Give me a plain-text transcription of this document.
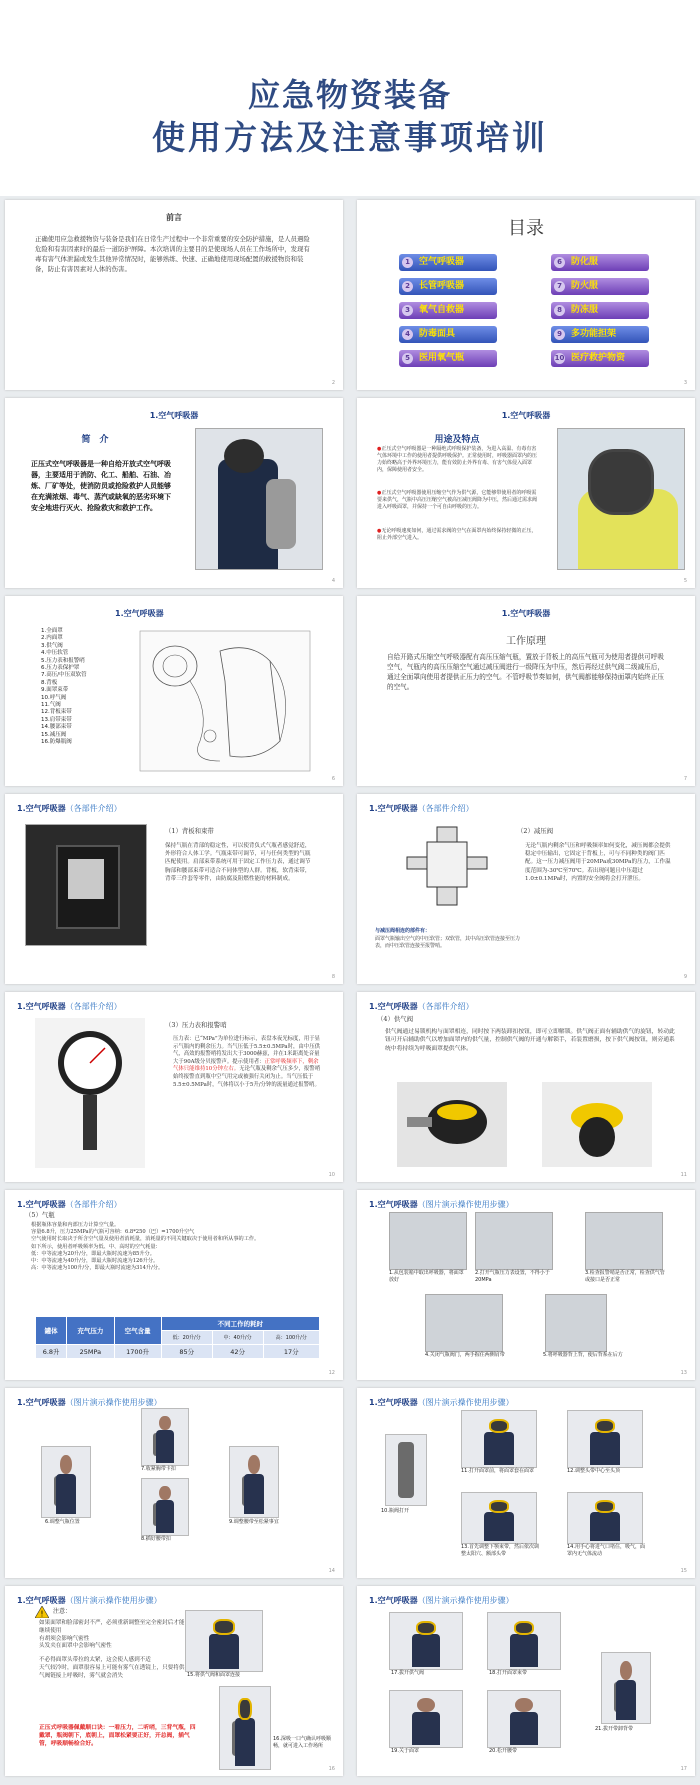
应急物资装备
使用方法及注意事项培训
前言
正确使用应急救援物资与装备是我们在日常生产过程中一个非常重要的安全防护措施，是人员遇险危险和有害因素时的最后一道防护屏障。本次培训的主要目的是使现场人员在工作场所中，发现有毒有害气体泄漏或发生其他异常情况时，能够熟练、快速、正确地使用现场配置的救援物资和装备，防止有害因素对人体的伤害。
2
目录
1	空气呼吸器	6	防化服
2	长管呼吸器	7	防火服
3	氧气自救器	8	防冻服
4	防毒面具	9	多功能担架
5	医用氧气瓶	10 医疗救护物资
3
1.空气呼吸器
简　介
正压式空气呼吸器是一种自给开放式空气呼吸器，主要适用于消防、化工、船舶、石油、冶炼、厂矿等处，使消防员或抢险救护人员能够在充满浓烟、毒气、蒸汽或缺氧的恶劣环境下安全地进行灭火、抢险救灾和救护工作。
4
1.空气呼吸器
用途及特点
●正压式空气呼吸器是一种隔绝式呼吸保护装备，为进入高温、有毒有害气体环境中工作的使用者提供呼吸保护。正常使用时，呼吸器面罩内的压力始终略高于外界环境压力，能有效防止外界有毒、有害气体侵入面罩内，保障使用者安全。
●正压式空气呼吸器使用压缩空气作为供气源，它能够带使用者的呼吸需要来供气，气瓶中高压压缩空气被高压减压阀降为中压，然后通过需求阀进入呼吸面罩，并保持一个可自由呼吸的压力。
●无论呼吸速度如何，通过需求阀的空气在面罩内始终保持轻微的正压，阻止外部空气进入。
5
1.空气呼吸器
1.全面罩
2.内面罩
3.供气阀
4.中压软管
5.压力表和报警哨
6.压力表保护罩
7.高压/中压双软管
8.背板
9.面罩束带
10.呼气阀
11.气阀
12.背板束带
13.肩带束带
14.腰部束带
15.减压阀
16.防爆瓶阀
6
1.空气呼吸器
工作原理
自给开路式压缩空气呼吸器配有高压压缩气瓶，置放于背板上的高压气瓶可为使用者提供可呼吸空气，气瓶内的高压压缩空气通过减压阀进行一级降压为中压，然后再经过供气阀二级减压后，通过全面罩向使用者提供正压力的空气。不管呼吸节奏如何，供气阀都能够保持面罩内始终正压的空气。
7
1.空气呼吸器（各部件介绍）
（1）背板和束带
保持气瓶在背部的稳定性，可以使背负式气瓶者感觉舒适，外形符合人体工学。气瓶束带可调节，可与任何类型的气瓶匹配使用。肩部束带系统可用于固定工作压力表，通过调节胸部和腰部束带可适合不同体型的人群。背板，软背束带，背带三件套等零件，由防腐及阻燃性能的材料制成。
8
1.空气呼吸器（各部件介绍）
与减压阀相连的部件有：
面罩气瓶输出空气的中压软管；双软管，其中高压软管连接至压力表，而中压软管连接至报警哨。
（2）减压阀
无论气瓶内剩余气压和呼吸频率如何变化，减压阀都会提供稳定中压输出，它固定于背板上，可与不同种类的阀门匹配。这一压力减压阀用于20MPa或30MPa的压力，工作温度范围为-30℃至70℃。若出现问题且中压超过1.0±0.1MPa时，内置的安全阀将会打开泄压。
9
1.空气呼吸器（各部件介绍）
（3）压力表和报警哨
压力表：已“MPa”为单位进行标示，表盘本夜光标度，用于显示气瓶内的剩余压力。当气压低于5.5±0.5MPa时，由中压供气，高效的报警哨将发出大于3000赫兹，并在1米距离处音量大于90A级分贝报警声。提示使用者：正常呼吸频率下，剩余气体只能维持10分钟左右。无论气瓶及剩余气压多少，报警哨始终报警直到瓶中空气用完或被强行关闭为止。当气压低于5.5±0.5MPa时，气体将以小于5升/分钟的流量通过报警哨。
10
1.空气呼吸器（各部件介绍）
（4）供气阀
供气阀通过易锁机构与面罩相连，同时按下两装卸扣按钮，即可立即解锁。供气阀正面有辅助供气的旋钮，转动此钮可开启辅助供气以增加面罩内的供气量，控制供气阀的开通与解锁手，若装置磨损，按下供气阀按钮，则旁通系统中将持续为呼吸面罩提供气体。
11
1.空气呼吸器（各部件介绍）
（5）气瓶
根据瓶体容量和内部压力计算空气量。
容量6.8升，压力25MPa的气瓶可容纳：6.8*250（巴）=1700升空气
空气使用时长取决于所含空气量及使用者消耗量，消耗量的不同关键取决于使用者和所从事的工作。
如下所示，使用者呼吸频率为低、中、高时的空气耗量：
低：中等流速为20升/分，即最大瓶时流速为85升分。
中：中等流速为40升/分，即最大瓶时流速为126升分。
高：中等流速为100升/分，即最大瓶时流速为314升/分。
罐体	充气压力	空气含量	不同工作的耗时		
			低：20升/分	中：40升/分	高：100升/分
6.8升	25MPa	1700升	85分	42分	17分
12
1.空气呼吸器（图片演示操作使用步骤）
1.从包装箱中取出呼吸器，将面罩放好
2.打开气瓶压力表设置，不得小于20MPa
3.检查报警哨是否正常，检查供气管或接口是否正常
4.关闭气瓶阀门，两手握住两侧肩带	5.将呼吸器背上背，使后背系在后方
13
1.空气呼吸器（图片演示操作使用步骤）
6.调整气瓶位置
7.收紧胸带卡扣
8.插好腰带扣
9.调整腰带至松紧事宜
14
1.空气呼吸器（图片演示操作使用步骤）
10.瓶阀打开
11.打开面罩前，将面罩套在面罩	12.调整头带中心至头顶
13.首先调整下颚束带，然后依次调整太阳穴、额部头带
14.用手心将进气口堵住，吸气，面罩内无气体流动
15
1.空气呼吸器（图片演示操作使用步骤）
! 注意：
如果面罩和脸部密封不严，必须重新调整至完全密封后才能继续使用
有胡须会影响气密性
头发夹在面罩中会影响气密性
不必得面罩头带拉的太紧，这会使人感到不适
天气较冷时，面罩很容易上可能有雾气在透镜上，只要将供气阀链接上呼吸时，雾气就会消失
正压式呼吸器佩戴顺口诀：一看压力，二听哨，三背气瓶，四戴罩，瓶阀朝下，底朝上，面罩松紧要正好，开总阀，插气管，呼吸顺畅检合好。
15.将供气阀和面罩连接
16.深吸一口气确认呼吸顺畅，就可进入工作场所
16
1.空气呼吸器（图片演示操作使用步骤）
17.拔开供气阀	18.打开面罩束带
19.关于面罩	20.松开腰带
21.拔开带卸背带
17
